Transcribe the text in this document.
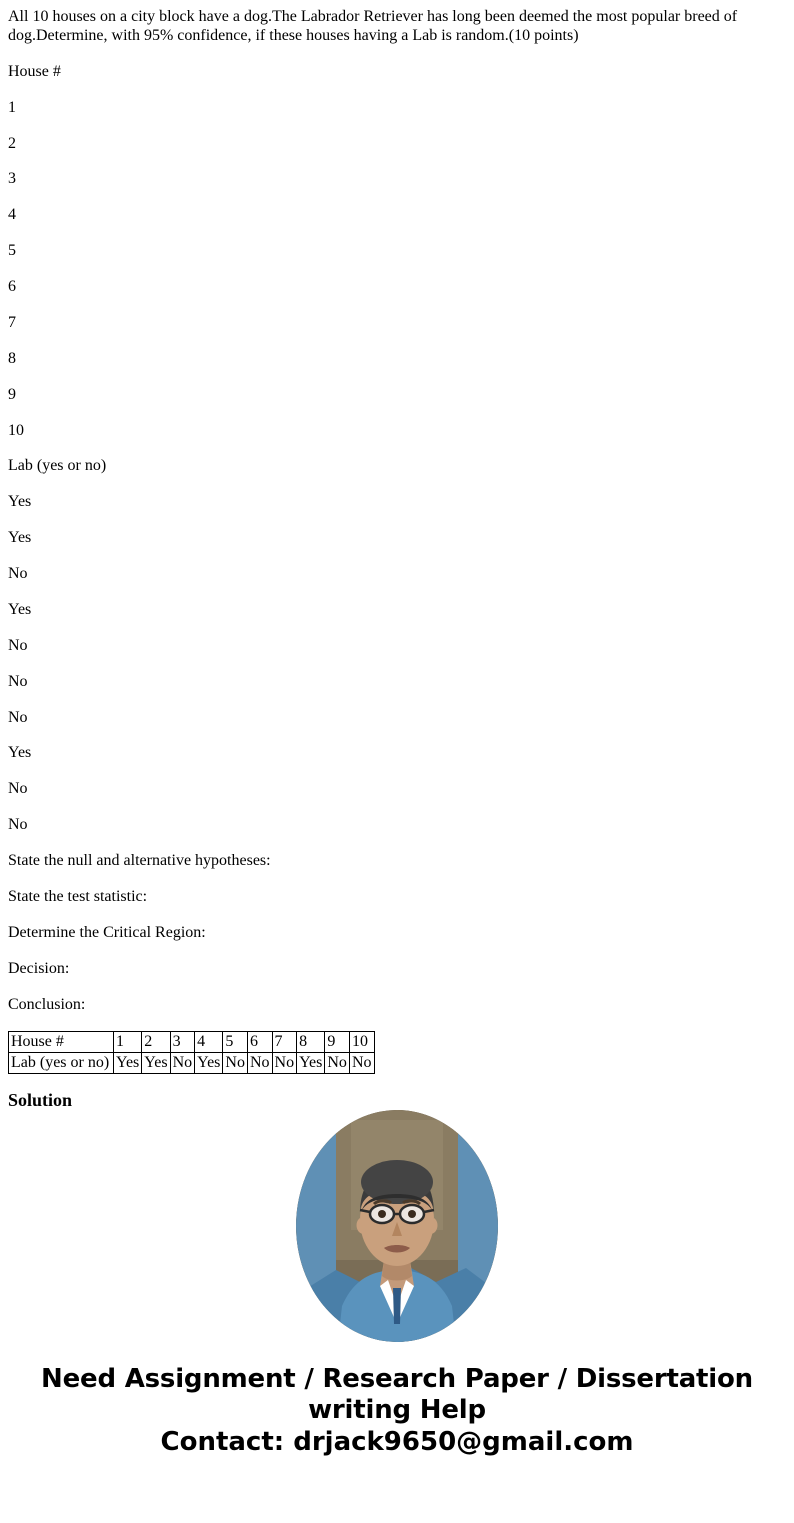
All 10 houses on a city block have a dog.The Labrador Retriever has long been deemed the most popular breed of dog.Determine, with 95% confidence, if these houses having a Lab is random.(10 points)
House #
1
2
3
4
5
6
7
8
9
10
Lab (yes or no)
Yes
Yes
No
Yes
No
No
No
Yes
No
No
State the null and alternative hypotheses:
State the test statistic:
Determine the Critical Region:
Decision:
Conclusion:
House #	1	2	3	4	5	6	7	8	9	10
Lab (yes or no)	Yes	Yes	No	Yes	No	No	No	Yes	No	No
Solution
Need Assignment / Research Paper / Dissertation
writing Help
Contact: drjack9650@gmail.com
